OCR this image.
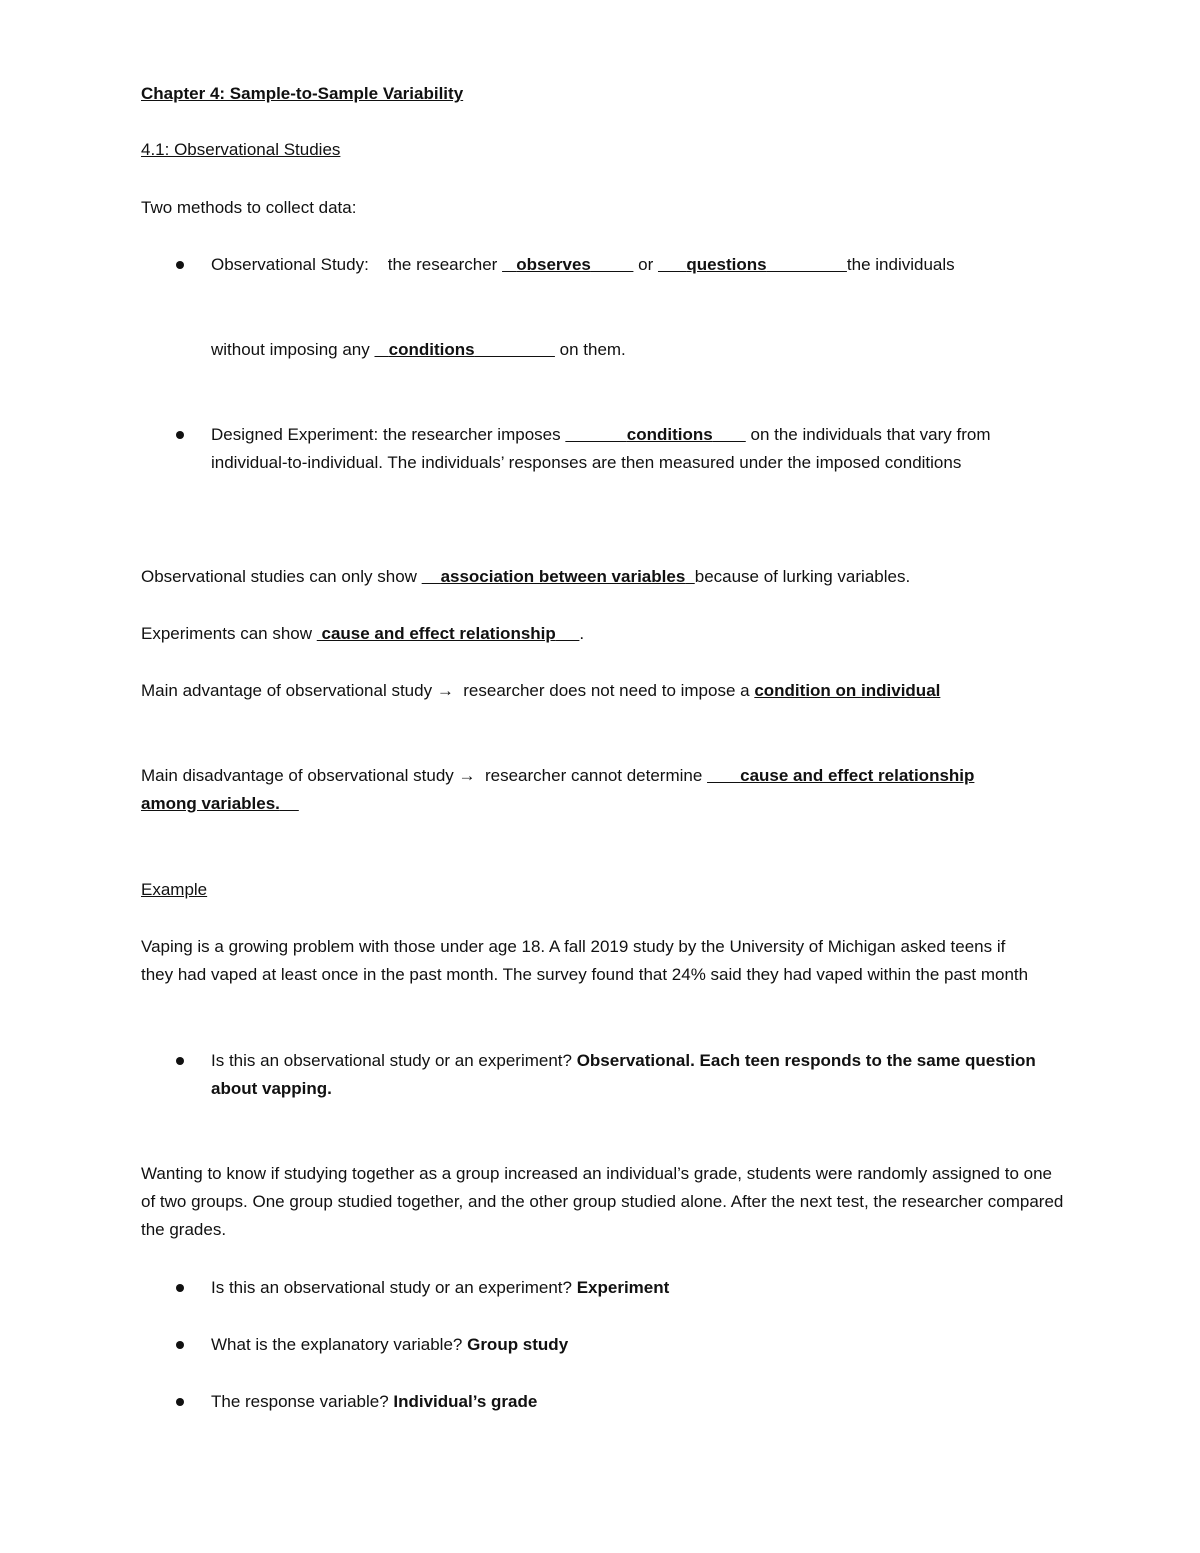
Chapter 4: Sample-to-Sample Variability

4.1: Observational Studies

Two methods to collect data:

Observational Study: the researcher    observes	or       questions	the individuals
without imposing any    conditions	on them.
Designed Experiment: the researcher imposes	conditions        on the individuals that vary from individual-to-individual. The individuals’ responses are then measured under the imposed conditions

Observational studies can only show     association between variables because of lurking variables.

Experiments can show  cause and effect relationship .

Main advantage of observational study →  researcher does not need to impose a condition on individual

Main disadvantage of observational study →  researcher cannot determine        cause and effect relationship among variables.

Example

Vaping is a growing problem with those under age 18. A fall 2019 study by the University of Michigan asked teens if they had vaped at least once in the past month. The survey found that 24% said they had vaped within the past month

Is this an observational study or an experiment? Observational. Each teen responds to the same question about vapping.

Wanting to know if studying together as a group increased an individual’s grade, students were randomly assigned to one of two groups. One group studied together, and the other group studied alone. After the next test, the researcher compared the grades.

Is this an observational study or an experiment? Experiment
What is the explanatory variable? Group study
The response variable? Individual’s grade
